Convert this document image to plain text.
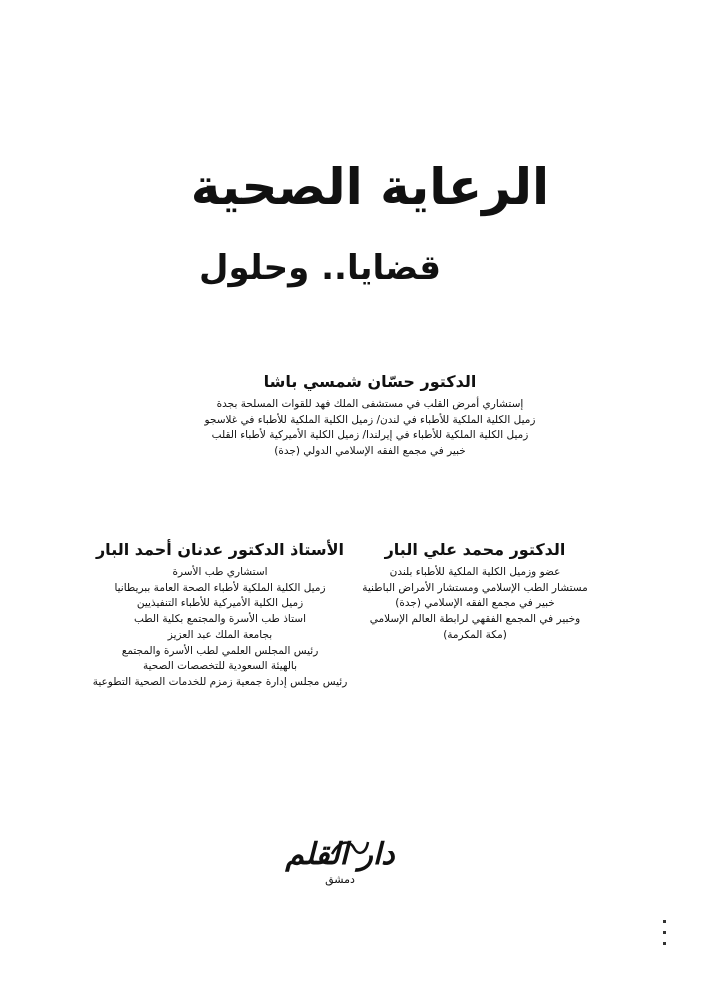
الرعاية الصحية
قضايا.. وحلول

الدكتور حسّان شمسي باشا

إستشاري أمرض القلب في مستشفى الملك فهد للقوات المسلحة بجدة

زميل الكلية الملكية للأطباء في لندن/ زميل الكلية الملكية للأطباء في غلاسجو

زميل الكلية الملكية للأطباء في إيرلندا/ زميل الكلية الأميركية لأطباء القلب

خبير في مجمع الفقه الإسلامي الدولي (جدة)

الدكتور محمد علي البار

عضو وزميل الكلية الملكية للأطباء بلندن

مستشار الطب الإسلامي ومستشار الأمراض الباطنية

خبير في مجمع الفقه الإسلامي (جدة)

وخبير في المجمع الفقهي لرابطة العالم الإسلامي

(مكة المكرمة)

الأستاذ الدكتور عدنان أحمد البار

استشاري طب الأسرة

زميل الكلية الملكية لأطباء الصحة العامة ببريطانيا

زميل الكلية الأميركية للأطباء التنفيذيين

استاذ طب الأسرة والمجتمع بكلية الطب

بجامعة الملك عبد العزيز

رئيس المجلس العلمي لطب الأسرة والمجتمع

بالهيئة السعودية للتخصصات الصحية

رئيس مجلس إدارة جمعية زمزم للخدمات الصحية التطوعية

دار القلم
دمشق
